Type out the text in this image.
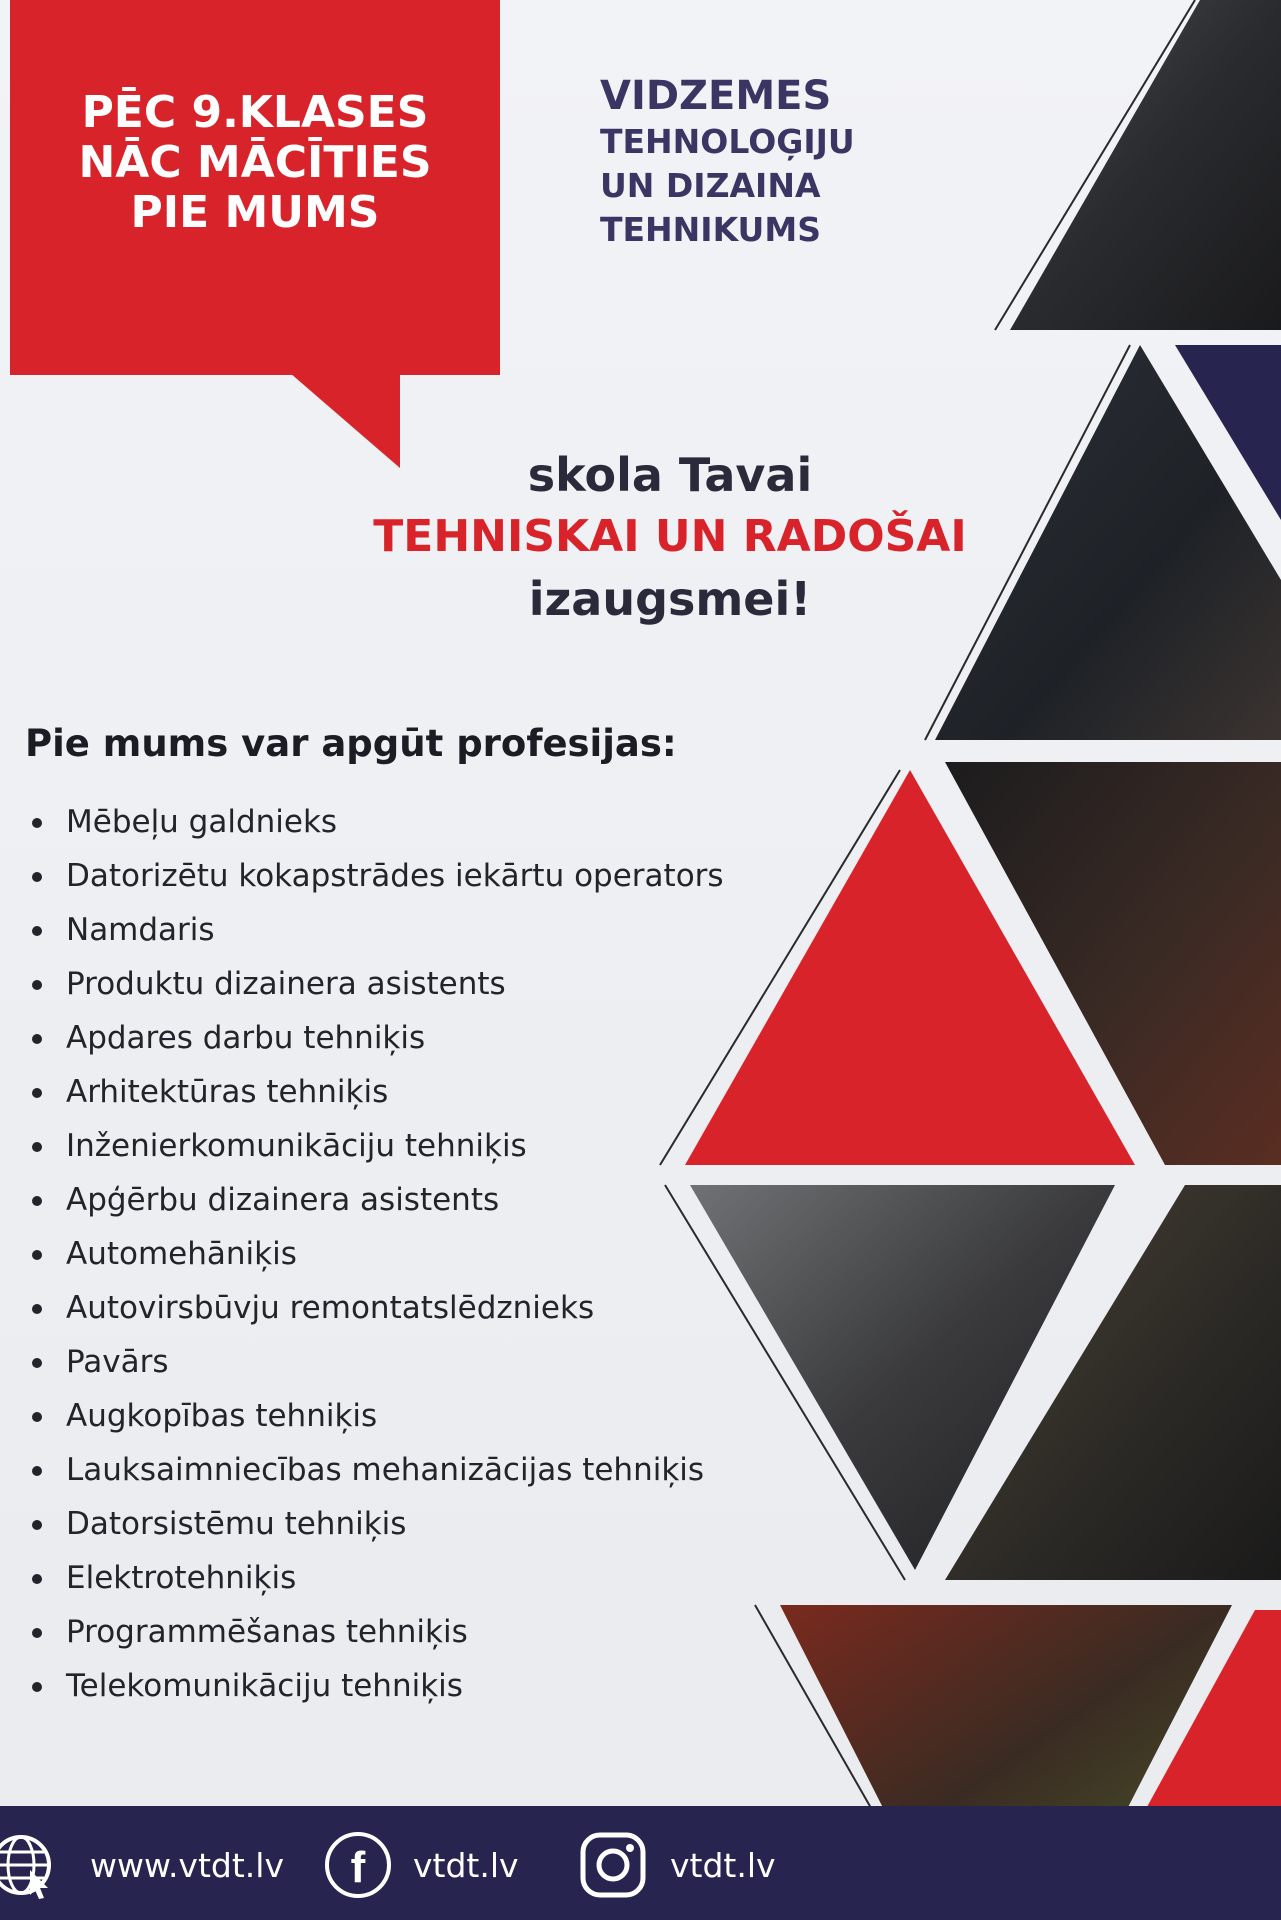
PĒC 9.KLASES
NĀC MĀCĪTIES
PIE MUMS
VIDZEMES
TEHNOLOĢIJU
UN DIZAINA
TEHNIKUMS
skola Tavai
TEHNISKAI UN RADOŠAI
izaugsmei!
Pie mums var apgūt profesijas:
Mēbeļu galdnieks
Datorizētu kokapstrādes iekārtu operators
Namdaris
Produktu dizainera asistents
Apdares darbu tehniķis
Arhitektūras tehniķis
Inženierkomunikāciju tehniķis
Apģērbu dizainera asistents
Automehāniķis
Autovirsbūvju remontatslēdznieks
Pavārs
Augkopības tehniķis
Lauksaimniecības mehanizācijas tehniķis
Datorsistēmu tehniķis
Elektrotehniķis
Programmēšanas tehniķis
Telekomunikāciju tehniķis
www.vtdt.lv f vtdt.lv	vtdt.lv
